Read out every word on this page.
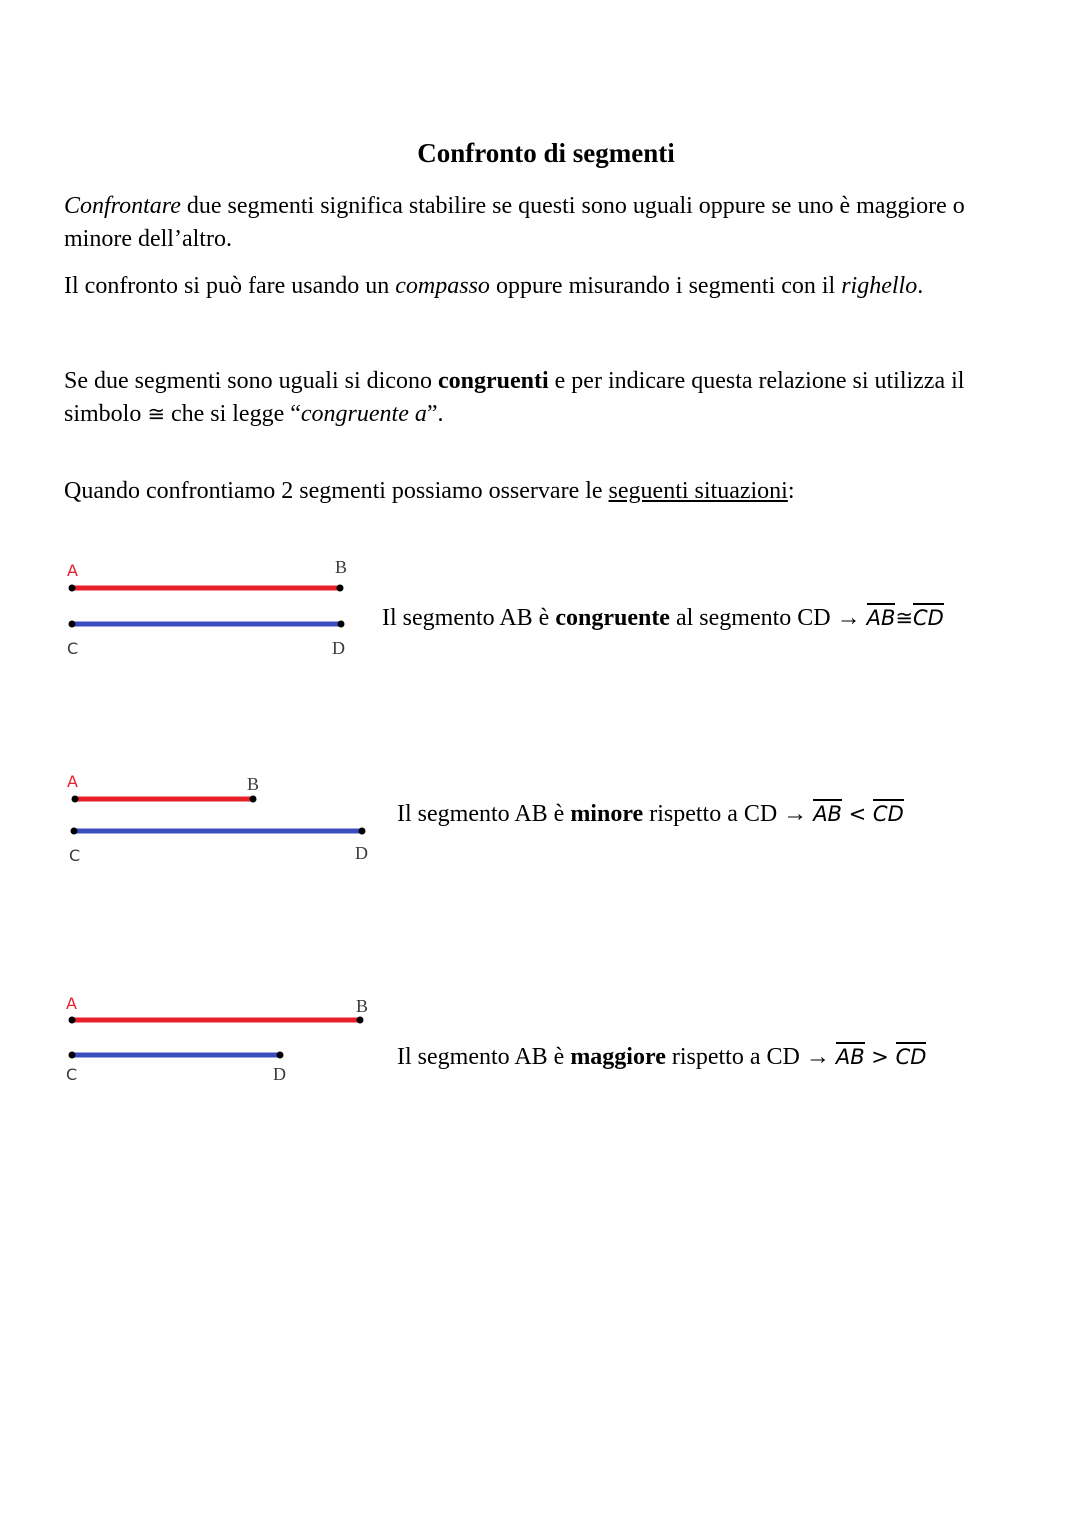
Confronto di segmenti
Confrontare due segmenti significa stabilire se questi sono uguali oppure se uno è maggiore o minore dell’altro.
Il confronto si può fare usando un compasso oppure misurando i segmenti con il righello.
Se due segmenti sono uguali si dicono congruenti e per indicare questa relazione si utilizza il simbolo ≅ che si legge “congruente a”.
Quando confrontiamo 2 segmenti possiamo osservare le seguenti situazioni:
A	B
C	D
Il segmento AB è congruente al segmento CD → AB≅CD
A	B
C	D
Il segmento AB è minore rispetto a CD → AB < CD
A	B
C	D
Il segmento AB è maggiore rispetto a CD → AB > CD
